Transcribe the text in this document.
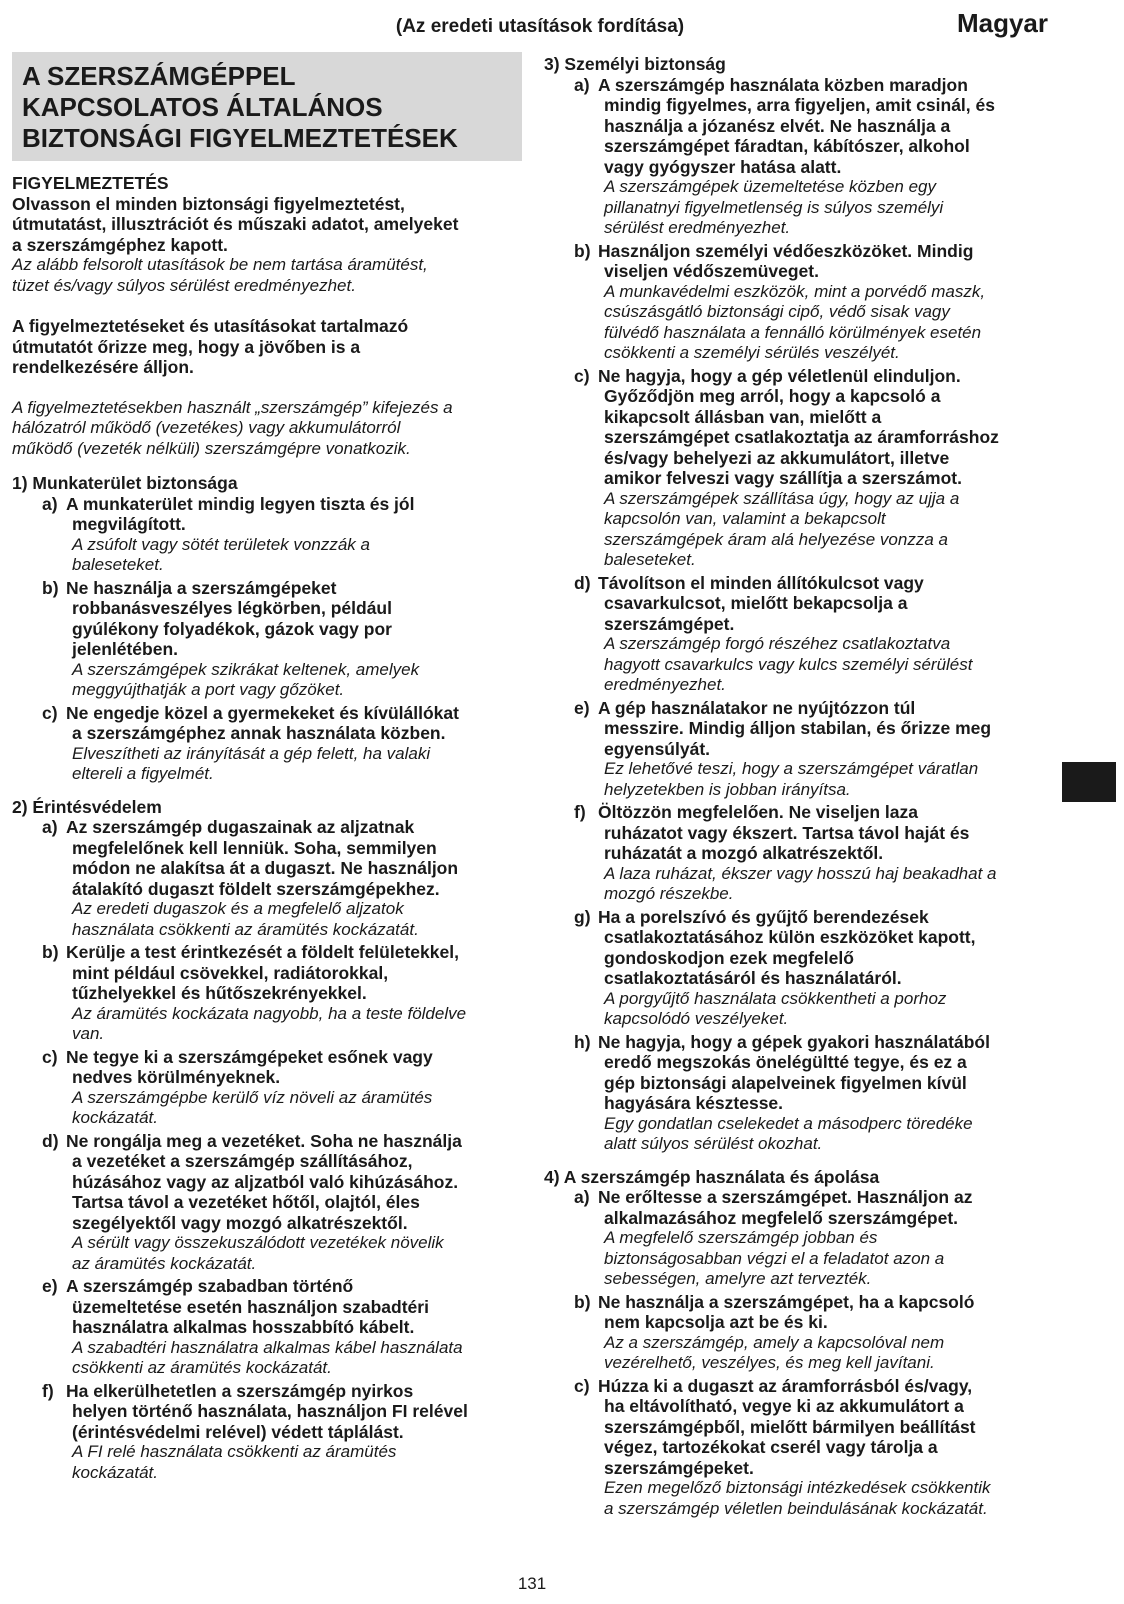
(Az eredeti utasítások fordítása)	Magyar
A SZERSZÁMGÉPPEL
KAPCSOLATOS ÁLTALÁNOS
BIZTONSÁGI FIGYELMEZTETÉSEK
FIGYELMEZTETÉS
Olvasson el minden biztonsági figyelmeztetést,
útmutatást, illusztrációt és műszaki adatot, amelyeket
a szerszámgéphez kapott.
Az alább felsorolt utasítások be nem tartása áramütést,
tüzet és/vagy súlyos sérülést eredményezhet.
A figyelmeztetéseket és utasításokat tartalmazó
útmutatót őrizze meg, hogy a jövőben is a
rendelkezésére álljon.
A figyelmeztetésekben használt „szerszámgép” kifejezés a
hálózatról működő (vezetékes) vagy akkumulátorról
működő (vezeték nélküli) szerszámgépre vonatkozik.
1) Munkaterület biztonsága
a) A munkaterület mindig legyen tiszta és jól
megvilágított.
A zsúfolt vagy sötét területek vonzzák a
baleseteket.
b) Ne használja a szerszámgépeket
robbanásveszélyes légkörben, például
gyúlékony folyadékok, gázok vagy por
jelenlétében.
A szerszámgépek szikrákat keltenek, amelyek
meggyújthatják a port vagy gőzöket.
c) Ne engedje közel a gyermekeket és kívülállókat
a szerszámgéphez annak használata közben.
Elveszítheti az irányítását a gép felett, ha valaki
eltereli a figyelmét.
2) Érintésvédelem
a) Az szerszámgép dugaszainak az aljzatnak
megfelelőnek kell lenniük. Soha, semmilyen
módon ne alakítsa át a dugaszt. Ne használjon
átalakító dugaszt földelt szerszámgépekhez.
Az eredeti dugaszok és a megfelelő aljzatok
használata csökkenti az áramütés kockázatát.
b) Kerülje a test érintkezését a földelt felületekkel,
mint például csövekkel, radiátorokkal,
tűzhelyekkel és hűtőszekrényekkel.
Az áramütés kockázata nagyobb, ha a teste földelve
van.
c) Ne tegye ki a szerszámgépeket esőnek vagy
nedves körülményeknek.
A szerszámgépbe kerülő víz növeli az áramütés
kockázatát.
d) Ne rongálja meg a vezetéket. Soha ne használja
a vezetéket a szerszámgép szállításához,
húzásához vagy az aljzatból való kihúzásához.
Tartsa távol a vezetéket hőtől, olajtól, éles
szegélyektől vagy mozgó alkatrészektől.
A sérült vagy összekuszálódott vezetékek növelik
az áramütés kockázatát.
e) A szerszámgép szabadban történő
üzemeltetése esetén használjon szabadtéri
használatra alkalmas hosszabbító kábelt.
A szabadtéri használatra alkalmas kábel használata
csökkenti az áramütés kockázatát.
f) Ha elkerülhetetlen a szerszámgép nyirkos
helyen történő használata, használjon FI relével
(érintésvédelmi relével) védett táplálást.
A FI relé használata csökkenti az áramütés
kockázatát.
3) Személyi biztonság
a) A szerszámgép használata közben maradjon
mindig figyelmes, arra figyeljen, amit csinál, és
használja a józanész elvét. Ne használja a
szerszámgépet fáradtan, kábítószer, alkohol
vagy gyógyszer hatása alatt.
A szerszámgépek üzemeltetése közben egy
pillanatnyi figyelmetlenség is súlyos személyi
sérülést eredményezhet.
b) Használjon személyi védőeszközöket. Mindig
viseljen védőszemüveget.
A munkavédelmi eszközök, mint a porvédő maszk,
csúszásgátló biztonsági cipő, védő sisak vagy
fülvédő használata a fennálló körülmények esetén
csökkenti a személyi sérülés veszélyét.
c) Ne hagyja, hogy a gép véletlenül elinduljon.
Győződjön meg arról, hogy a kapcsoló a
kikapcsolt állásban van, mielőtt a
szerszámgépet csatlakoztatja az áramforráshoz
és/vagy behelyezi az akkumulátort, illetve
amikor felveszi vagy szállítja a szerszámot.
A szerszámgépek szállítása úgy, hogy az ujja a
kapcsolón van, valamint a bekapcsolt
szerszámgépek áram alá helyezése vonzza a
baleseteket.
d) Távolítson el minden állítókulcsot vagy
csavarkulcsot, mielőtt bekapcsolja a
szerszámgépet.
A szerszámgép forgó részéhez csatlakoztatva
hagyott csavarkulcs vagy kulcs személyi sérülést
eredményezhet.
e) A gép használatakor ne nyújtózzon túl
messzire. Mindig álljon stabilan, és őrizze meg
egyensúlyát.
Ez lehetővé teszi, hogy a szerszámgépet váratlan
helyzetekben is jobban irányítsa.
f) Öltözzön megfelelően. Ne viseljen laza
ruházatot vagy ékszert. Tartsa távol haját és
ruházatát a mozgó alkatrészektől.
A laza ruházat, ékszer vagy hosszú haj beakadhat a
mozgó részekbe.
g) Ha a porelszívó és gyűjtő berendezések
csatlakoztatásához külön eszközöket kapott,
gondoskodjon ezek megfelelő
csatlakoztatásáról és használatáról.
A porgyűjtő használata csökkentheti a porhoz
kapcsolódó veszélyeket.
h) Ne hagyja, hogy a gépek gyakori használatából
eredő megszokás önelégültté tegye, és ez a
gép biztonsági alapelveinek figyelmen kívül
hagyására késztesse.
Egy gondatlan cselekedet a másodperc töredéke
alatt súlyos sérülést okozhat.
4) A szerszámgép használata és ápolása
a) Ne erőltesse a szerszámgépet. Használjon az
alkalmazásához megfelelő szerszámgépet.
A megfelelő szerszámgép jobban és
biztonságosabban végzi el a feladatot azon a
sebességen, amelyre azt tervezték.
b) Ne használja a szerszámgépet, ha a kapcsoló
nem kapcsolja azt be és ki.
Az a szerszámgép, amely a kapcsolóval nem
vezérelhető, veszélyes, és meg kell javítani.
c) Húzza ki a dugaszt az áramforrásból és/vagy,
ha eltávolítható, vegye ki az akkumulátort a
szerszámgépből, mielőtt bármilyen beállítást
végez, tartozékokat cserél vagy tárolja a
szerszámgépeket.
Ezen megelőző biztonsági intézkedések csökkentik
a szerszámgép véletlen beindulásának kockázatát.
131
